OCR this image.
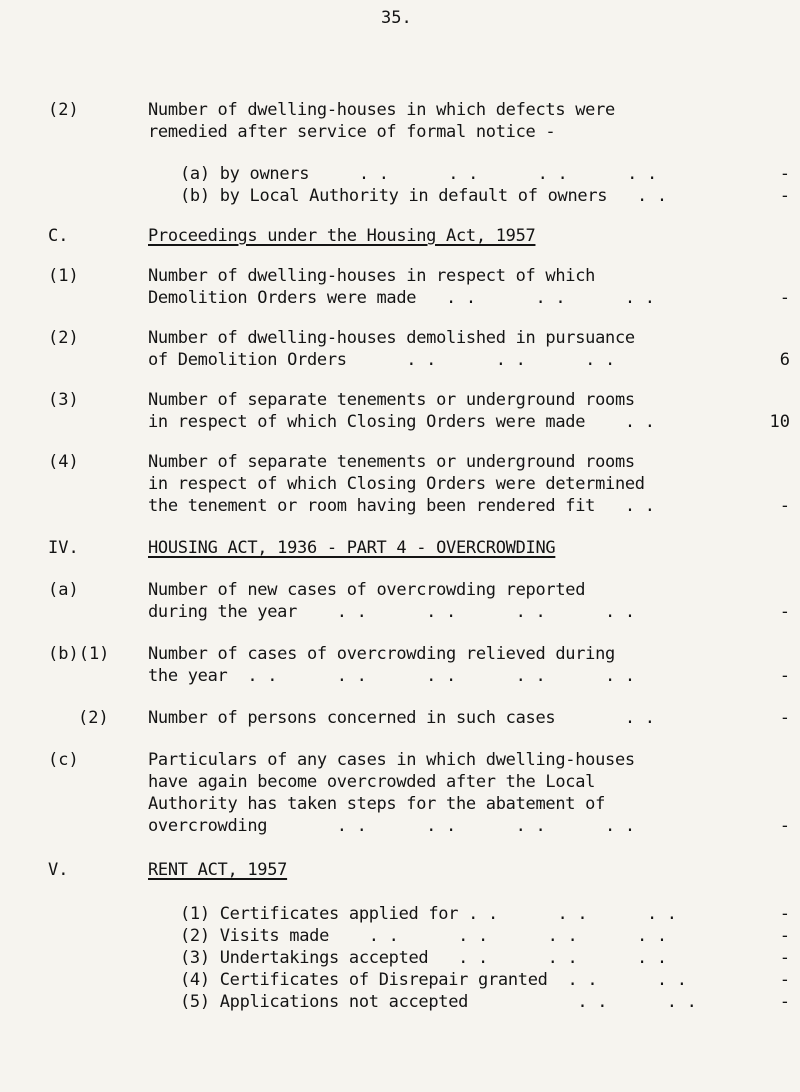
35.
(2)	Number of dwelling-houses in which defects were
remedied after service of formal notice -
(a) by owners     . .      . .      . .      . .	-
(b) by Local Authority in default of owners   . .	-
C.	Proceedings under the Housing Act, 1957
(1)	Number of dwelling-houses in respect of which
Demolition Orders were made   . .      . .      . .	-
(2)	Number of dwelling-houses demolished in pursuance
of Demolition Orders      . .      . .      . .	6
(3)	Number of separate tenements or underground rooms
in respect of which Closing Orders were made    . .	10
(4)	Number of separate tenements or underground rooms
in respect of which Closing Orders were determined
the tenement or room having been rendered fit   . .	-
IV.	HOUSING ACT, 1936 - PART 4 - OVERCROWDING
(a)	Number of new cases of overcrowding reported
during the year    . .      . .      . .      . .	-
(b)(1) Number of cases of overcrowding relieved during
the year  . .      . .      . .      . .      . .	-
(2) Number of persons concerned in such cases       . .	-
(c)	Particulars of any cases in which dwelling-houses
have again become overcrowded after the Local
Authority has taken steps for the abatement of
overcrowding       . .      . .      . .      . .	-
V.	RENT ACT, 1957
(1) Certificates applied for . .      . .      . .	-
(2) Visits made    . .      . .      . .      . .	-
(3) Undertakings accepted   . .      . .      . .	-
(4) Certificates of Disrepair granted  . .      . .	-
(5) Applications not accepted           . .      . .	-
